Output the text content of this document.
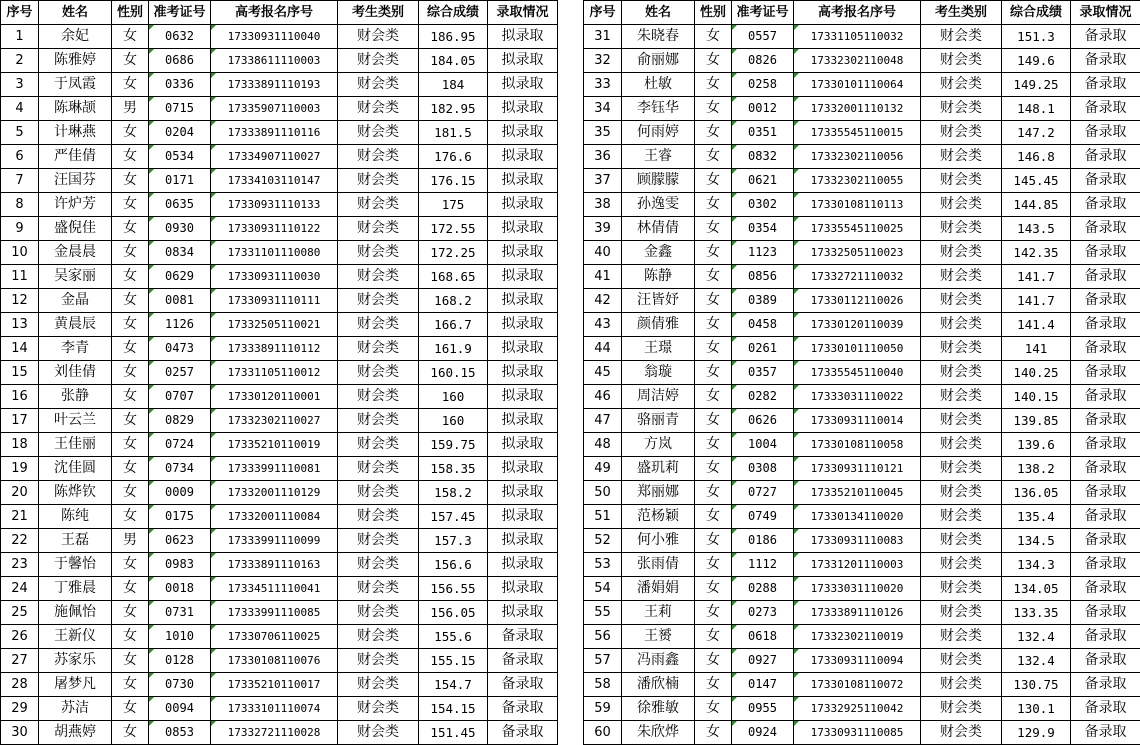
序号	姓名	性别	准考证号	高考报名序号	考生类别	综合成绩	录取情况
1	余妃	女	0632	17330931110040	财会类	186.95	拟录取
2	陈雅婷	女	0686	17338611110003	财会类	184.05	拟录取
3	于凤霞	女	0336	17333891110193	财会类	184	拟录取
4	陈琳颉	男	0715	17335907110003	财会类	182.95	拟录取
5	计琳燕	女	0204	17333891110116	财会类	181.5	拟录取
6	严佳倩	女	0534	17334907110027	财会类	176.6	拟录取
7	汪国芬	女	0171	17334103110147	财会类	176.15	拟录取
8	许炉芳	女	0635	17330931110133	财会类	175	拟录取
9	盛倪佳	女	0930	17330931110122	财会类	172.55	拟录取
10	金晨晨	女	0834	17331101110080	财会类	172.25	拟录取
11	吴家丽	女	0629	17330931110030	财会类	168.65	拟录取
12	金晶	女	0081	17330931110111	财会类	168.2	拟录取
13	黄晨辰	女	1126	17332505110021	财会类	166.7	拟录取
14	李青	女	0473	17333891110112	财会类	161.9	拟录取
15	刘佳倩	女	0257	17331105110012	财会类	160.15	拟录取
16	张静	女	0707	17330120110001	财会类	160	拟录取
17	叶云兰	女	0829	17332302110027	财会类	160	拟录取
18	王佳丽	女	0724	17335210110019	财会类	159.75	拟录取
19	沈佳圆	女	0734	17333991110081	财会类	158.35	拟录取
20	陈烨钦	女	0009	17332001110129	财会类	158.2	拟录取
21	陈纯	女	0175	17332001110084	财会类	157.45	拟录取
22	王磊	男	0623	17333991110099	财会类	157.3	拟录取
23	于馨怡	女	0983	17333891110163	财会类	156.6	拟录取
24	丁雅晨	女	0018	17334511110041	财会类	156.55	拟录取
25	施佩怡	女	0731	17333991110085	财会类	156.05	拟录取
26	王新仪	女	1010	17330706110025	财会类	155.6	备录取
27	苏家乐	女	0128	17330108110076	财会类	155.15	备录取
28	屠梦凡	女	0730	17335210110017	财会类	154.7	备录取
29	苏洁	女	0094	17333101110074	财会类	154.15	备录取
30	胡燕婷	女	0853	17332721110028	财会类	151.45	备录取
序号	姓名	性别	准考证号	高考报名序号	考生类别	综合成绩	录取情况
31	朱晓春	女	0557	17331105110032	财会类	151.3	备录取
32	俞丽娜	女	0826	17332302110048	财会类	149.6	备录取
33	杜敏	女	0258	17330101110064	财会类	149.25	备录取
34	李钰华	女	0012	17332001110132	财会类	148.1	备录取
35	何雨婷	女	0351	17335545110015	财会类	147.2	备录取
36	王睿	女	0832	17332302110056	财会类	146.8	备录取
37	顾朦朦	女	0621	17332302110055	财会类	145.45	备录取
38	孙逸雯	女	0302	17330108110113	财会类	144.85	备录取
39	林倩倩	女	0354	17335545110025	财会类	143.5	备录取
40	金鑫	女	1123	17332505110023	财会类	142.35	备录取
41	陈静	女	0856	17332721110032	财会类	141.7	备录取
42	汪皆妤	女	0389	17330112110026	财会类	141.7	备录取
43	颜倩雅	女	0458	17330120110039	财会类	141.4	备录取
44	王璟	女	0261	17330101110050	财会类	141	备录取
45	翁璇	女	0357	17335545110040	财会类	140.25	备录取
46	周洁婷	女	0282	17333031110022	财会类	140.15	备录取
47	骆丽青	女	0626	17330931110014	财会类	139.85	备录取
48	方岚	女	1004	17330108110058	财会类	139.6	备录取
49	盛玑莉	女	0308	17330931110121	财会类	138.2	备录取
50	郑丽娜	女	0727	17335210110045	财会类	136.05	备录取
51	范杨颖	女	0749	17330134110020	财会类	135.4	备录取
52	何小雅	女	0186	17330931110083	财会类	134.5	备录取
53	张雨倩	女	1112	17331201110003	财会类	134.3	备录取
54	潘娟娟	女	0288	17333031110020	财会类	134.05	备录取
55	王莉	女	0273	17333891110126	财会类	133.35	备录取
56	王赟	女	0618	17332302110019	财会类	132.4	备录取
57	冯雨鑫	女	0927	17330931110094	财会类	132.4	备录取
58	潘欣楠	女	0147	17330108110072	财会类	130.75	备录取
59	徐雅敏	女	0955	17332925110042	财会类	130.1	备录取
60	朱欣烨	女	0924	17330931110085	财会类	129.9	备录取
